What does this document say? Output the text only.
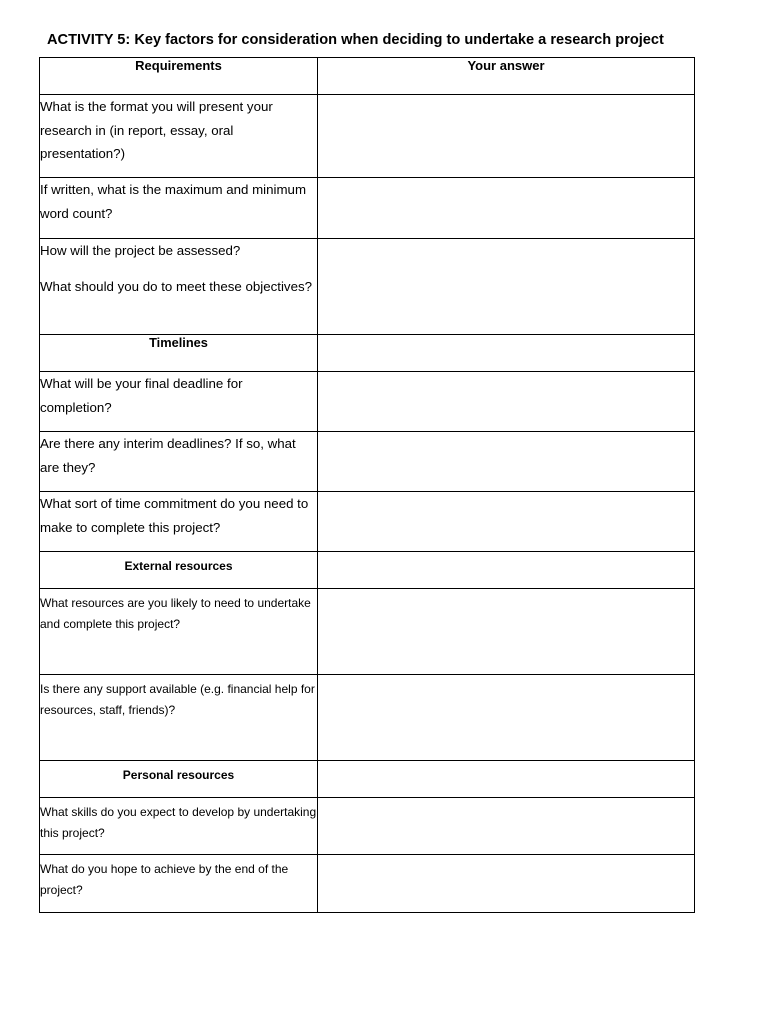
ACTIVITY 5: Key factors for consideration when deciding to undertake a research project
Requirements	Your answer

What is the format you will present your research in (in report, essay, oral presentation?)	

If written, what is the maximum and minimum word count?	

How will the project be assessed?

What should you do to meet these objectives?	

Timelines	

What will be your final deadline for completion?	

Are there any interim deadlines? If so, what are they?	

What sort of time commitment do you need to make to complete this project?	

External resources	

What resources are you likely to need to undertake and complete this project?	

Is there any support available (e.g. financial help for resources, staff, friends)?	

Personal resources	

What skills do you expect to develop by undertaking this project?	

What do you hope to achieve by the end of the project?	
